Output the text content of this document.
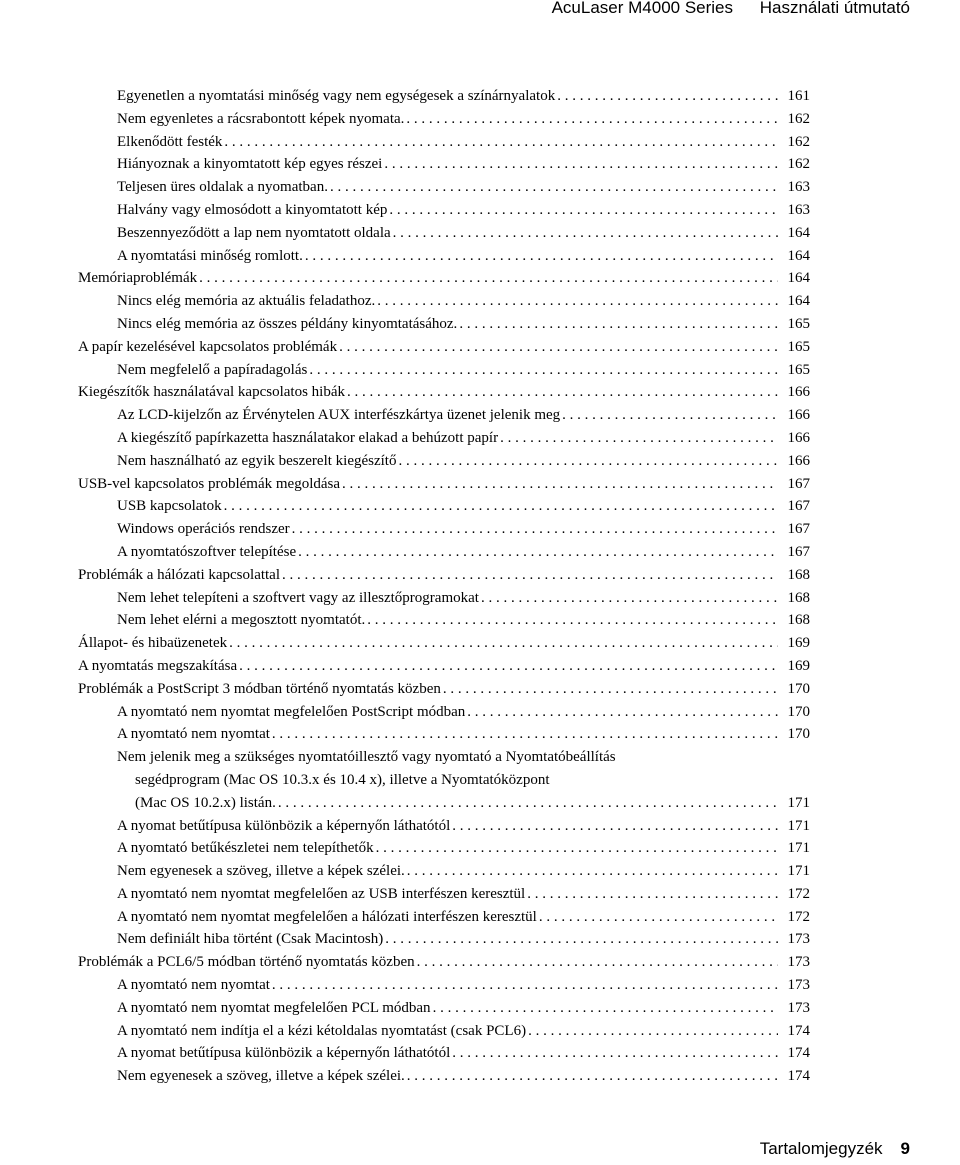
AcuLaser M4000 Series Használati útmutató
Egyenetlen a nyomtatási minőség vagy nem egységesek a színárnyalatok . . .	161
Nem egyenletes a rácsrabontott képek nyomata. . . .	162
Elkenődött festék . . .	162
Hiányoznak a kinyomtatott kép egyes részei . . .	162
Teljesen üres oldalak a nyomatban. . . .	163
Halvány vagy elmosódott a kinyomtatott kép . . .	163
Beszennyeződött a lap nem nyomtatott oldala . . .	164
A nyomtatási minőség romlott. . . .	164
Memóriaproblémák . . .	164
Nincs elég memória az aktuális feladathoz. . . .	164
Nincs elég memória az összes példány kinyomtatásához. . . .	165
A papír kezelésével kapcsolatos problémák . . .	165
Nem megfelelő a papíradagolás . . .	165
Kiegészítők használatával kapcsolatos hibák . . .	166
Az LCD-kijelzőn az Érvénytelen AUX interfészkártya üzenet jelenik meg . . .	166
A kiegészítő papírkazetta használatakor elakad a behúzott papír . . .	166
Nem használható az egyik beszerelt kiegészítő . . .	166
USB-vel kapcsolatos problémák megoldása . . .	167
USB kapcsolatok . . .	167
Windows operációs rendszer . . .	167
A nyomtatószoftver telepítése . . .	167
Problémák a hálózati kapcsolattal . . .	168
Nem lehet telepíteni a szoftvert vagy az illesztőprogramokat . . .	168
Nem lehet elérni a megosztott nyomtatót. . . .	168
Állapot- és hibaüzenetek . . .	169
A nyomtatás megszakítása . . .	169
Problémák a PostScript 3 módban történő nyomtatás közben . . .	170
A nyomtató nem nyomtat megfelelően PostScript módban . . .	170
A nyomtató nem nyomtat . . .	170
Nem jelenik meg a szükséges nyomtatóillesztő vagy nyomtató a Nyomtatóbeállítás
segédprogram (Mac OS 10.3.x és 10.4 x), illetve a Nyomtatóközpont
(Mac OS 10.2.x) listán. . . .	171
A nyomat betűtípusa különbözik a képernyőn láthatótól . . .	171
A nyomtató betűkészletei nem telepíthetők . . .	171
Nem egyenesek a szöveg, illetve a képek szélei. . . .	171
A nyomtató nem nyomtat megfelelően az USB interfészen keresztül . . .	172
A nyomtató nem nyomtat megfelelően a hálózati interfészen keresztül . . .	172
Nem definiált hiba történt (Csak Macintosh) . . .	173
Problémák a PCL6/5 módban történő nyomtatás közben . . .	173
A nyomtató nem nyomtat . . .	173
A nyomtató nem nyomtat megfelelően PCL módban . . .	173
A nyomtató nem indítja el a kézi kétoldalas nyomtatást (csak PCL6) . . .	174
A nyomat betűtípusa különbözik a képernyőn láthatótól . . .	174
Nem egyenesek a szöveg, illetve a képek szélei. . . .	174
Tartalomjegyzék 9
